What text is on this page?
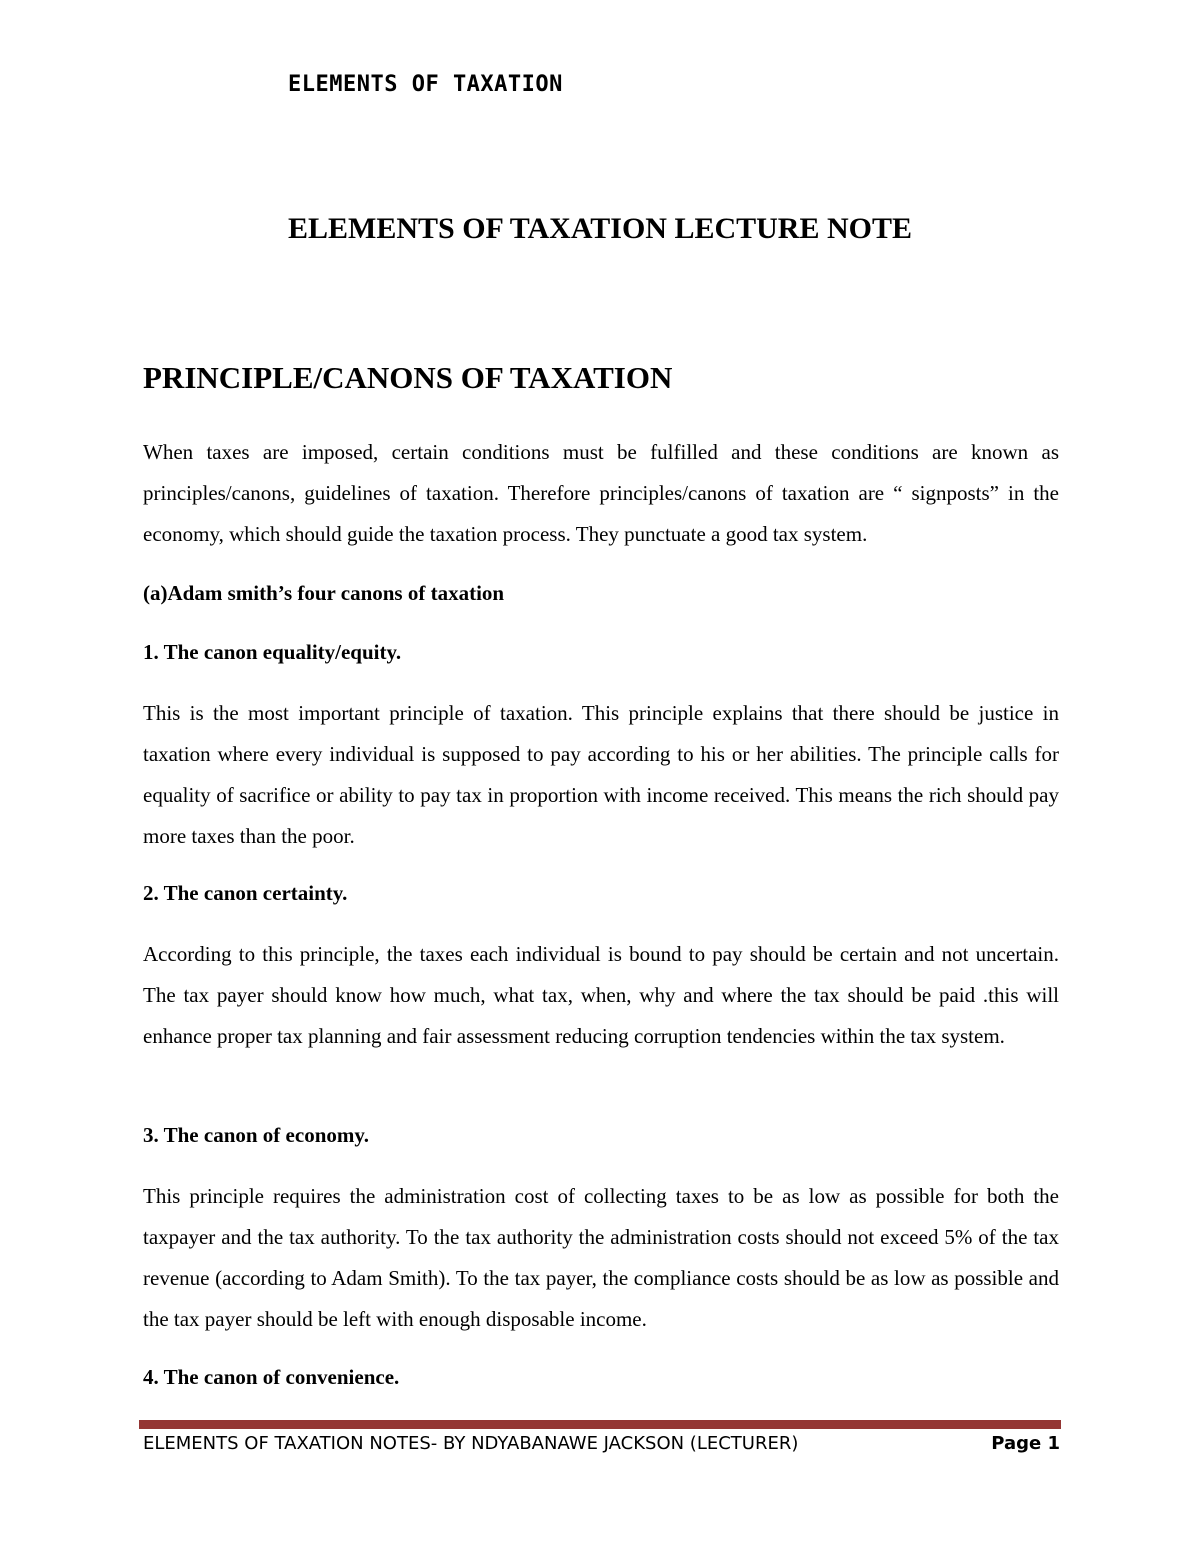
ELEMENTS OF TAXATION

ELEMENTS OF TAXATION LECTURE NOTE
PRINCIPLE/CANONS OF TAXATION

When taxes are imposed, certain conditions must be fulfilled and these conditions are known as principles/canons, guidelines of taxation. Therefore principles/canons of taxation are “ signposts” in the economy, which should guide the taxation process. They punctuate a good tax system.

(a)Adam smith’s four canons of taxation

1. The canon equality/equity.

This is the most important principle of taxation. This principle explains that there should be justice in taxation where every individual is supposed to pay according to his or her abilities. The principle calls for equality of sacrifice or ability to pay tax in proportion with income received. This means the rich should pay more taxes than the poor.

2. The canon certainty.

According to this principle, the taxes each individual is bound to pay should be certain and not uncertain. The tax payer should know how much, what tax, when, why and where the tax should be paid .this will enhance proper tax planning and fair assessment reducing corruption tendencies within the tax system.

3. The canon of economy.

This principle requires the administration cost of collecting taxes to be as low as possible for both the taxpayer and the tax authority. To the tax authority the administration costs should not exceed 5% of the tax revenue (according to Adam Smith). To the tax payer, the compliance costs should be as low as possible and the tax payer should be left with enough disposable income.

4. The canon of convenience.

ELEMENTS OF TAXATION NOTES- BY NDYABANAWE JACKSON (LECTURER)	Page 1
